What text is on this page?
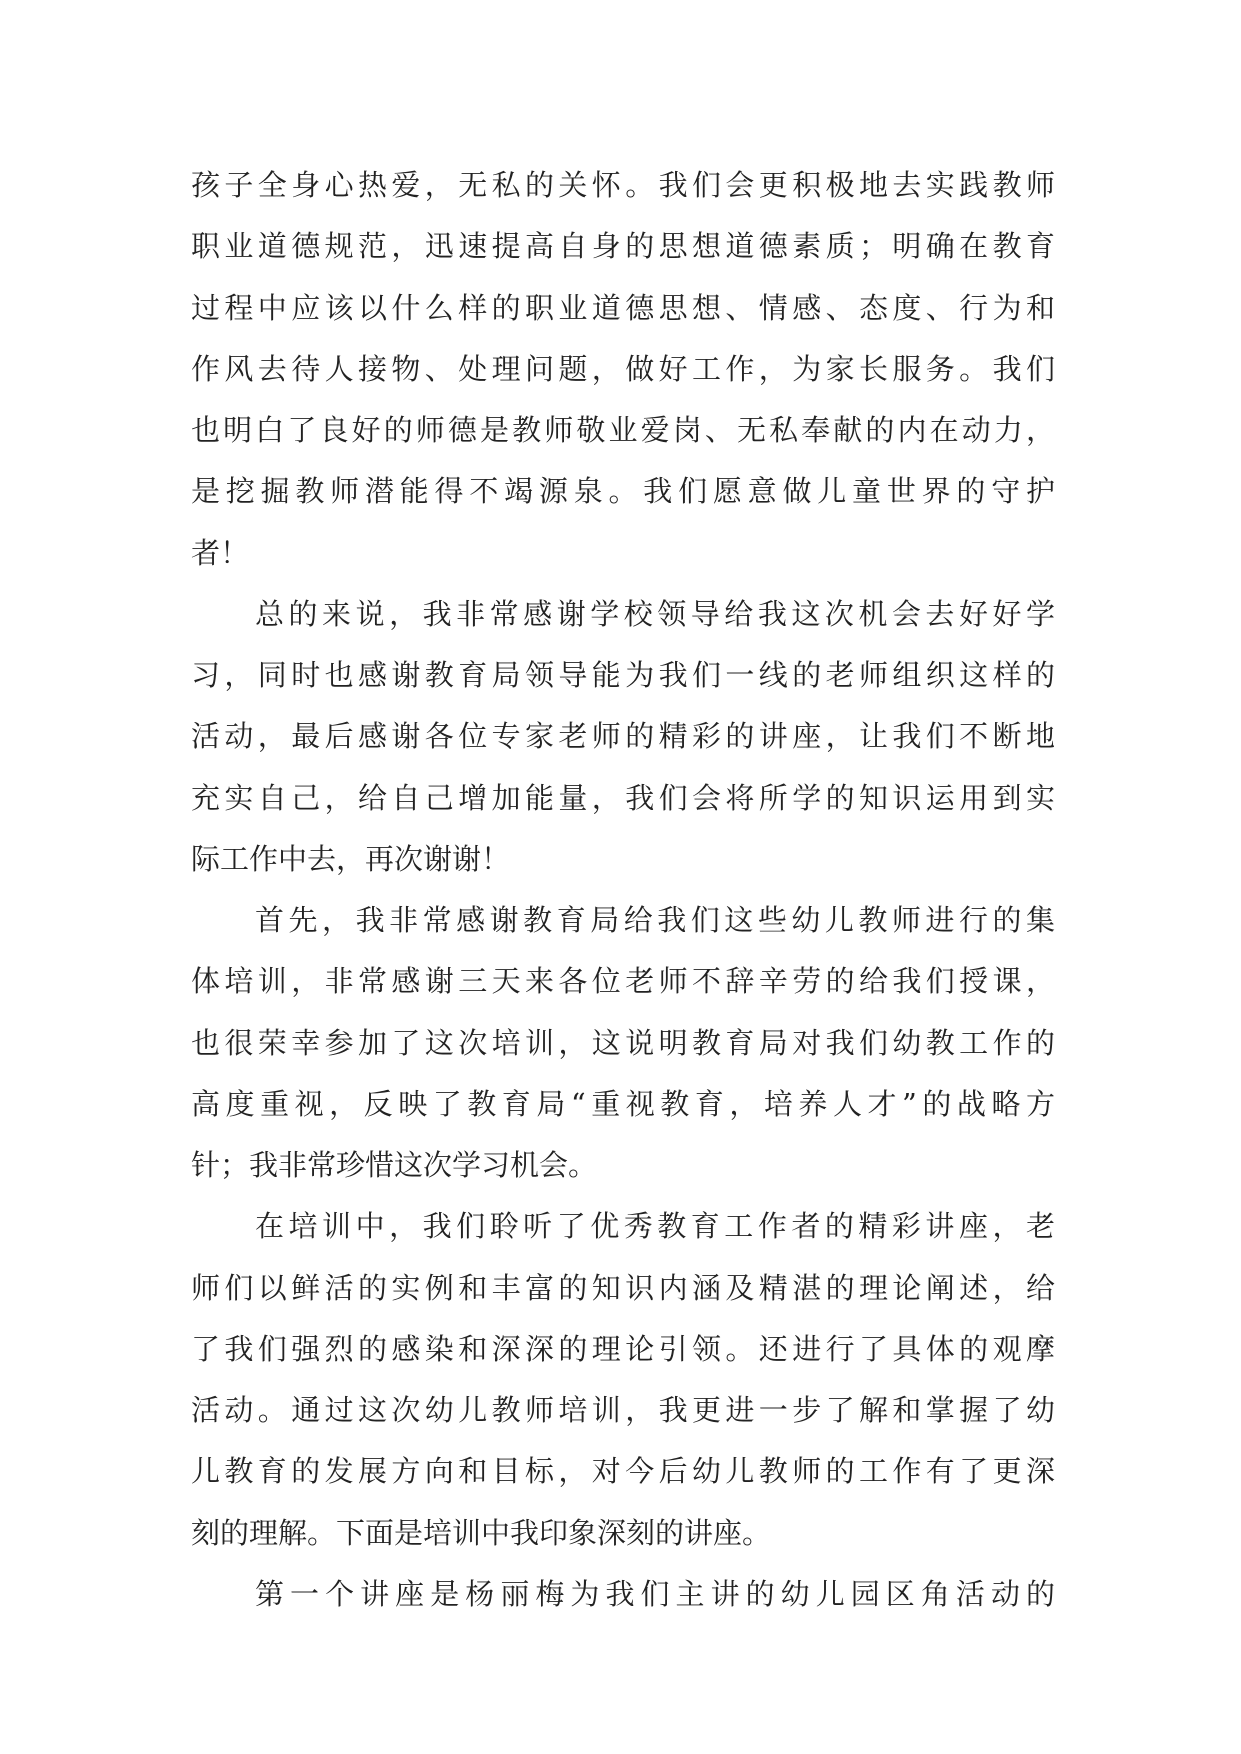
孩子全身心热爱，无私的关怀。我们会更积极地去实践教师
职业道德规范，迅速提高自身的思想道德素质；明确在教育
过程中应该以什么样的职业道德思想、情感、态度、行为和
作风去待人接物、处理问题，做好工作，为家长服务。我们
也明白了良好的师德是教师敬业爱岗、无私奉献的内在动力，
是挖掘教师潜能得不竭源泉。我们愿意做儿童世界的守护
者！
总的来说，我非常感谢学校领导给我这次机会去好好学
习，同时也感谢教育局领导能为我们一线的老师组织这样的
活动，最后感谢各位专家老师的精彩的讲座，让我们不断地
充实自己，给自己增加能量，我们会将所学的知识运用到实
际工作中去，再次谢谢！
首先，我非常感谢教育局给我们这些幼儿教师进行的集
体培训，非常感谢三天来各位老师不辞辛劳的给我们授课，
也很荣幸参加了这次培训，这说明教育局对我们幼教工作的
高度重视，反映了教育局“重视教育，培养人才”的战略方
针；我非常珍惜这次学习机会。
在培训中，我们聆听了优秀教育工作者的精彩讲座，老
师们以鲜活的实例和丰富的知识内涵及精湛的理论阐述，给
了我们强烈的感染和深深的理论引领。还进行了具体的观摩
活动。通过这次幼儿教师培训，我更进一步了解和掌握了幼
儿教育的发展方向和目标，对今后幼儿教师的工作有了更深
刻的理解。下面是培训中我印象深刻的讲座。
第一个讲座是杨丽梅为我们主讲的幼儿园区角活动的
